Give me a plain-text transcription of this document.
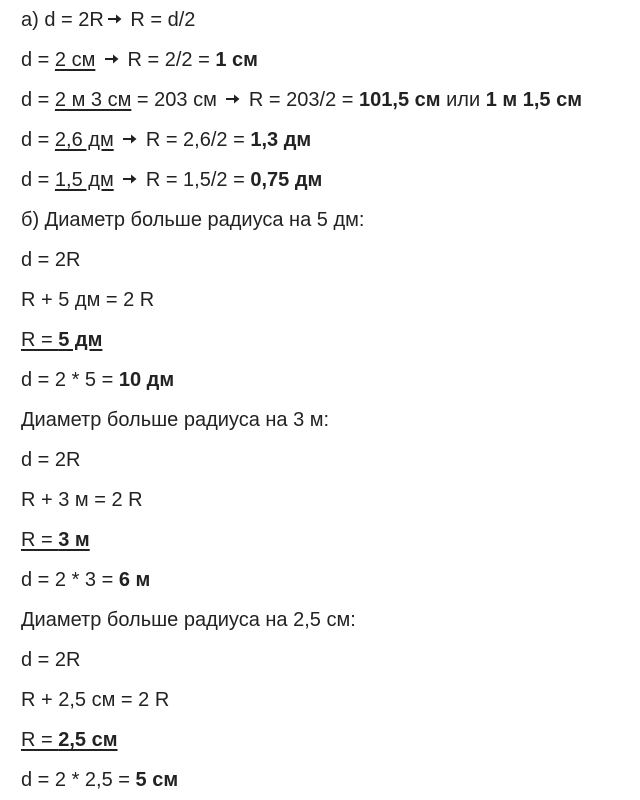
а) d = 2R
R = d/2
d = 2 см
R = 2/2 = 1 см
d = 2 м 3 см = 203 см
R = 203/2 = 101,5 см или 1 м 1,5 см
d = 2,6 дм
R = 2,6/2 = 1,3 дм
d = 1,5 дм
R = 1,5/2 = 0,75 дм
б) Диаметр больше радиуса на 5 дм:
d = 2R
R + 5 дм = 2 R
R = 5 дм
d = 2 * 5 = 10 дм
Диаметр больше радиуса на 3 м:
d = 2R
R + 3 м = 2 R
R = 3 м
d = 2 * 3 = 6 м
Диаметр больше радиуса на 2,5 см:
d = 2R
R + 2,5 см = 2 R
R = 2,5 см
d = 2 * 2,5 = 5 см
